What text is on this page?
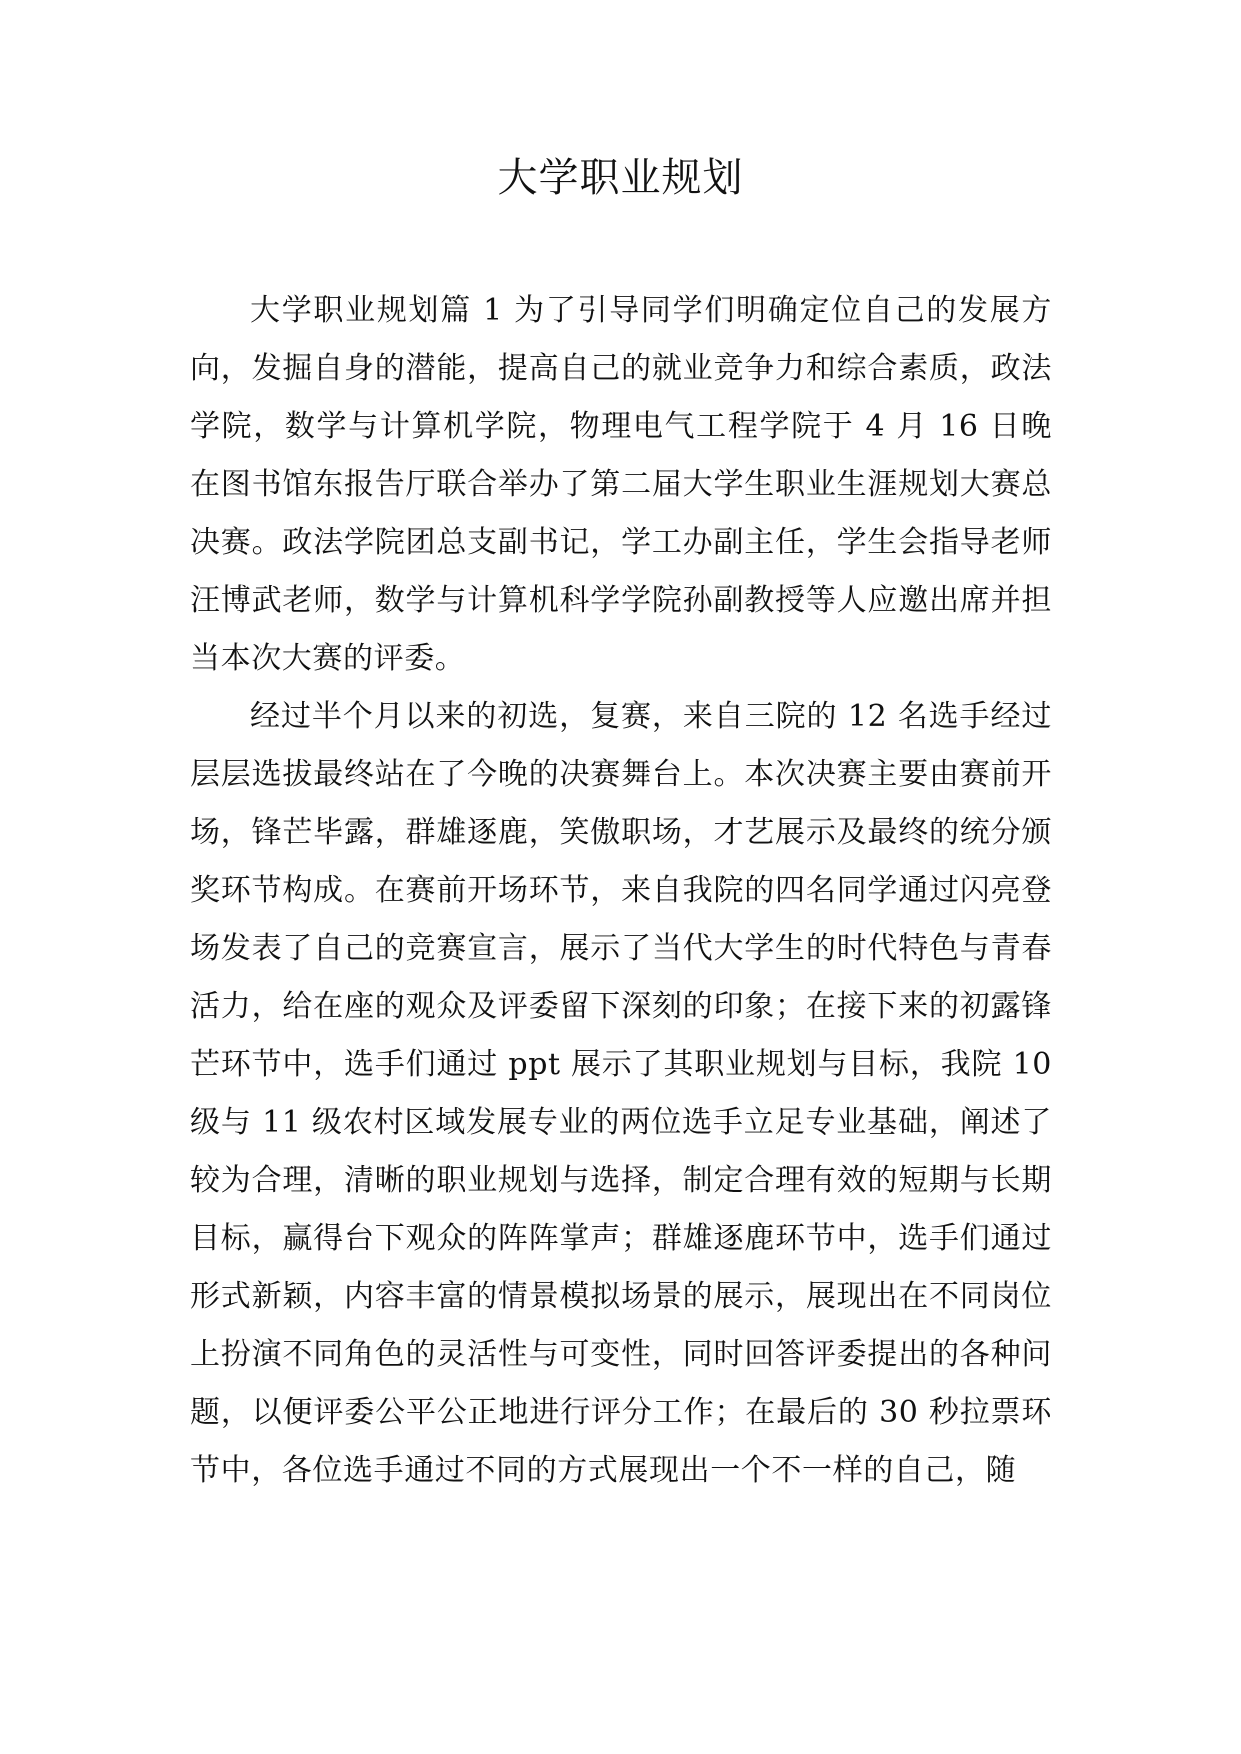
大学职业规划

大学职业规划篇 1 为了引导同学们明确定位自己的发展方向，发掘自身的潜能，提高自己的就业竞争力和综合素质，政法学院，数学与计算机学院，物理电气工程学院于 4 月 16 日晚在图书馆东报告厅联合举办了第二届大学生职业生涯规划大赛总决赛。政法学院团总支副书记，学工办副主任，学生会指导老师汪博武老师，数学与计算机科学学院孙副教授等人应邀出席并担当本次大赛的评委。

经过半个月以来的初选，复赛，来自三院的 12 名选手经过层层选拔最终站在了今晚的决赛舞台上。本次决赛主要由赛前开场，锋芒毕露，群雄逐鹿，笑傲职场，才艺展示及最终的统分颁奖环节构成。在赛前开场环节，来自我院的四名同学通过闪亮登场发表了自己的竞赛宣言，展示了当代大学生的时代特色与青春活力，给在座的观众及评委留下深刻的印象；在接下来的初露锋芒环节中，选手们通过 ppt 展示了其职业规划与目标，我院 10 级与 11 级农村区域发展专业的两位选手立足专业基础，阐述了较为合理，清晰的职业规划与选择，制定合理有效的短期与长期目标，赢得台下观众的阵阵掌声；群雄逐鹿环节中，选手们通过形式新颖，内容丰富的情景模拟场景的展示，展现出在不同岗位上扮演不同角色的灵活性与可变性，同时回答评委提出的各种问题，以便评委公平公正地进行评分工作；在最后的 30 秒拉票环节中，各位选手通过不同的方式展现出一个不一样的自己，随
